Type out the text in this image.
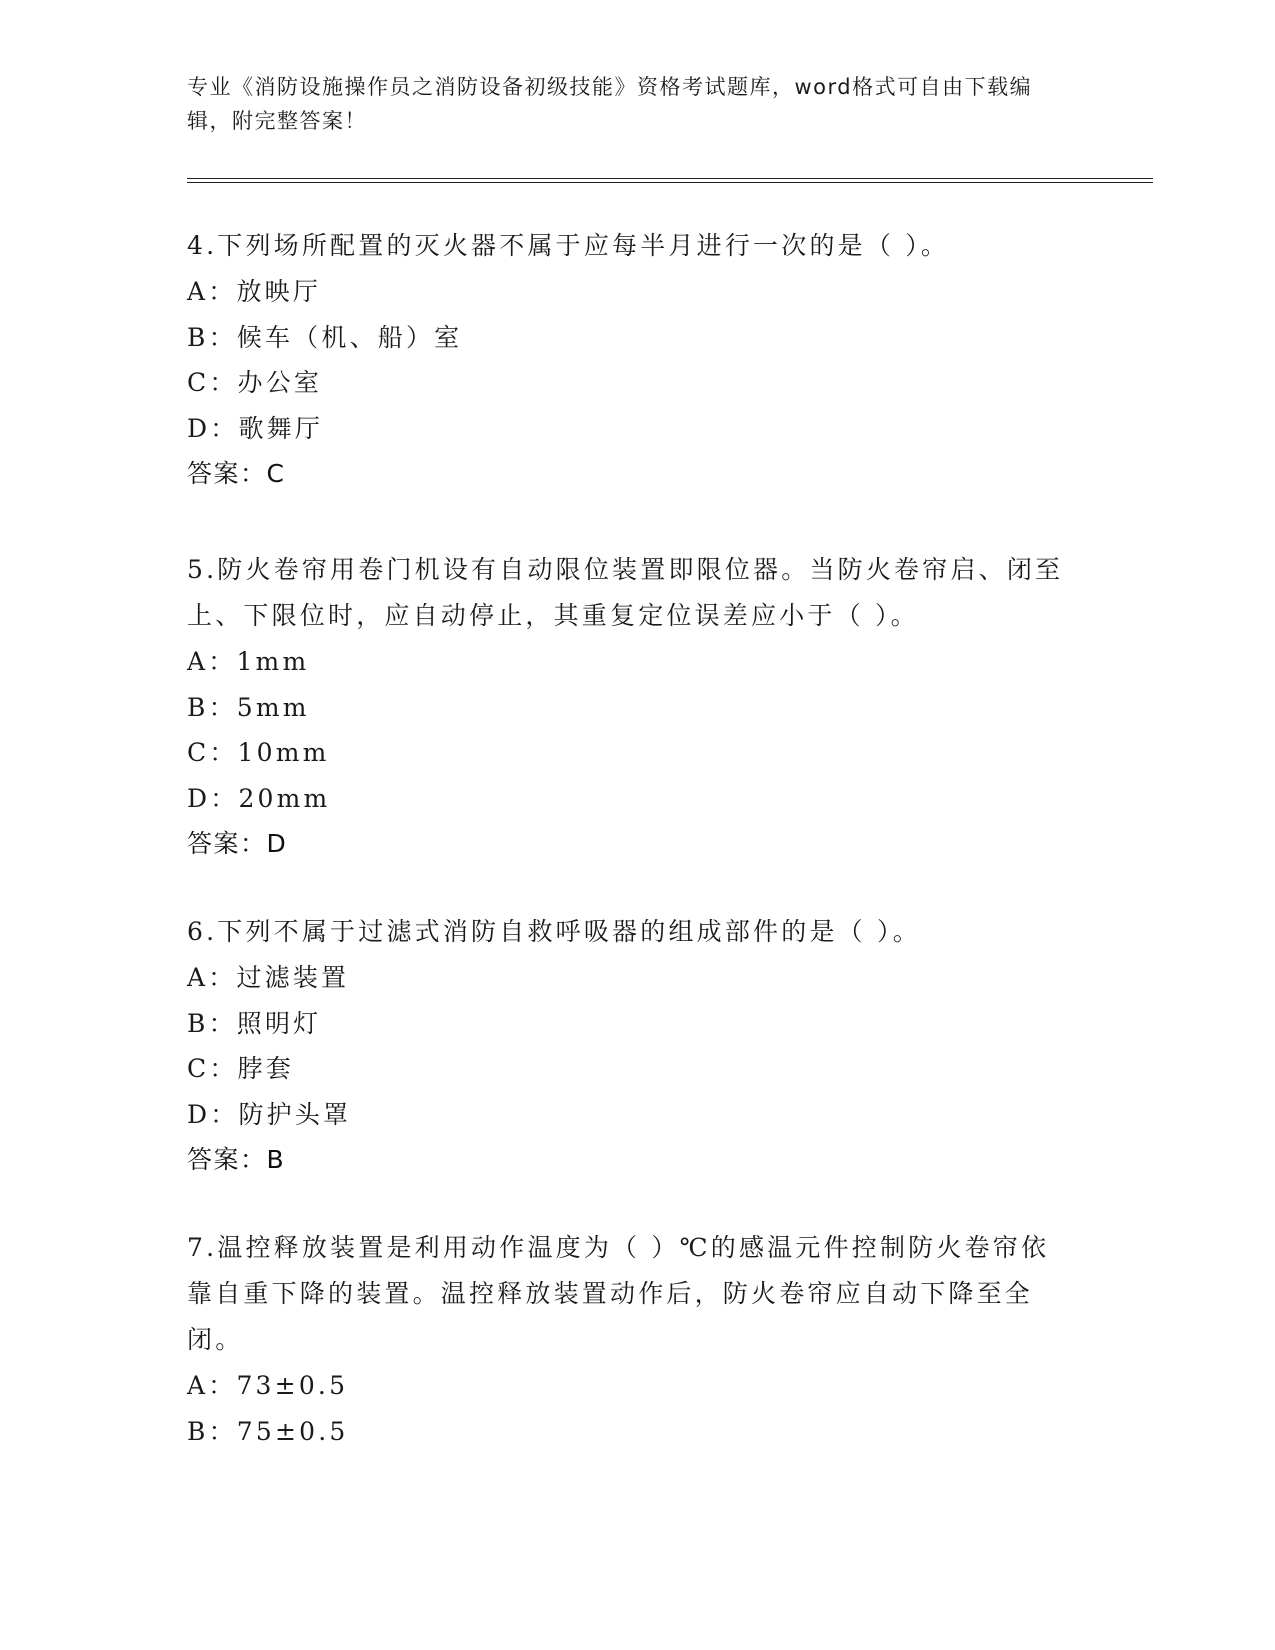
专业《消防设施操作员之消防设备初级技能》资格考试题库，word格式可自由下载编辑，附完整答案！

4.下列场所配置的灭火器不属于应每半月进行一次的是（ ）。

A：放映厅
B：候车（机、船）室
C：办公室
D：歌舞厅

答案：C

5.防火卷帘用卷门机设有自动限位装置即限位器。当防火卷帘启、闭至上、下限位时，应自动停止，其重复定位误差应小于（ ）。

A：1mm
B：5mm
C：10mm
D：20mm

答案：D

6.下列不属于过滤式消防自救呼吸器的组成部件的是（ ）。

A：过滤装置
B：照明灯
C：脖套
D：防护头罩

答案：B

7.温控释放装置是利用动作温度为（ ）℃的感温元件控制防火卷帘依靠自重下降的装置。温控释放装置动作后，防火卷帘应自动下降至全闭。

A：73±0.5
B：75±0.5
